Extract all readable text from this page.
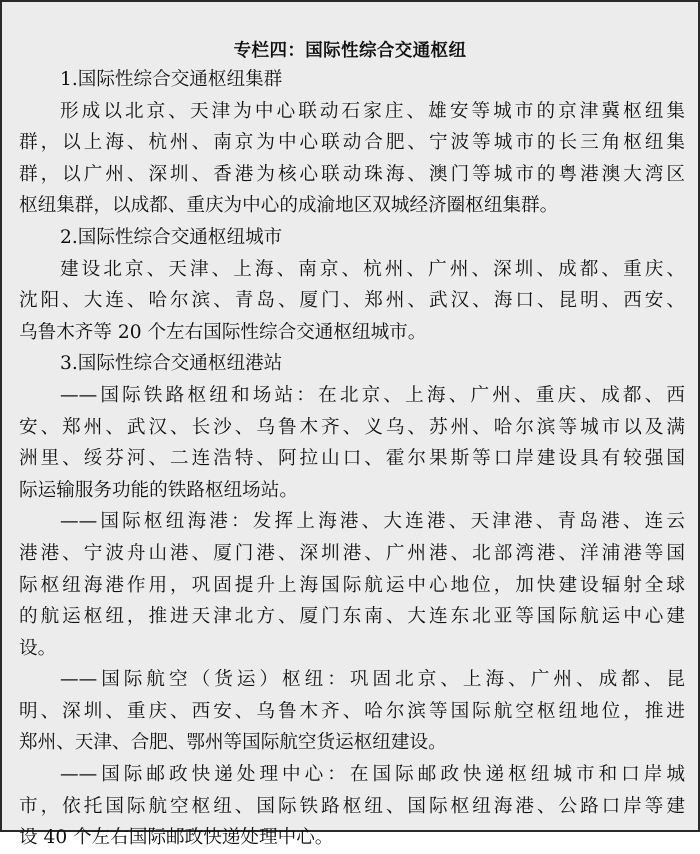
专栏四：国际性综合交通枢纽
1.国际性综合交通枢纽集群
形成以北京、天津为中心联动石家庄、雄安等城市的京津冀枢纽集
群，以上海、杭州、南京为中心联动合肥、宁波等城市的长三角枢纽集
群，以广州、深圳、香港为核心联动珠海、澳门等城市的粤港澳大湾区
枢纽集群，以成都、重庆为中心的成渝地区双城经济圈枢纽集群。
2.国际性综合交通枢纽城市
建设北京、天津、上海、南京、杭州、广州、深圳、成都、重庆、
沈阳、大连、哈尔滨、青岛、厦门、郑州、武汉、海口、昆明、西安、
乌鲁木齐等 20 个左右国际性综合交通枢纽城市。
3.国际性综合交通枢纽港站
——国际铁路枢纽和场站：在北京、上海、广州、重庆、成都、西
安、郑州、武汉、长沙、乌鲁木齐、义乌、苏州、哈尔滨等城市以及满
洲里、绥芬河、二连浩特、阿拉山口、霍尔果斯等口岸建设具有较强国
际运输服务功能的铁路枢纽场站。
——国际枢纽海港：发挥上海港、大连港、天津港、青岛港、连云
港港、宁波舟山港、厦门港、深圳港、广州港、北部湾港、洋浦港等国
际枢纽海港作用，巩固提升上海国际航运中心地位，加快建设辐射全球
的航运枢纽，推进天津北方、厦门东南、大连东北亚等国际航运中心建
设。
——国际航空（货运）枢纽：巩固北京、上海、广州、成都、昆
明、深圳、重庆、西安、乌鲁木齐、哈尔滨等国际航空枢纽地位，推进
郑州、天津、合肥、鄂州等国际航空货运枢纽建设。
——国际邮政快递处理中心：在国际邮政快递枢纽城市和口岸城
市，依托国际航空枢纽、国际铁路枢纽、国际枢纽海港、公路口岸等建
设 40 个左右国际邮政快递处理中心。
